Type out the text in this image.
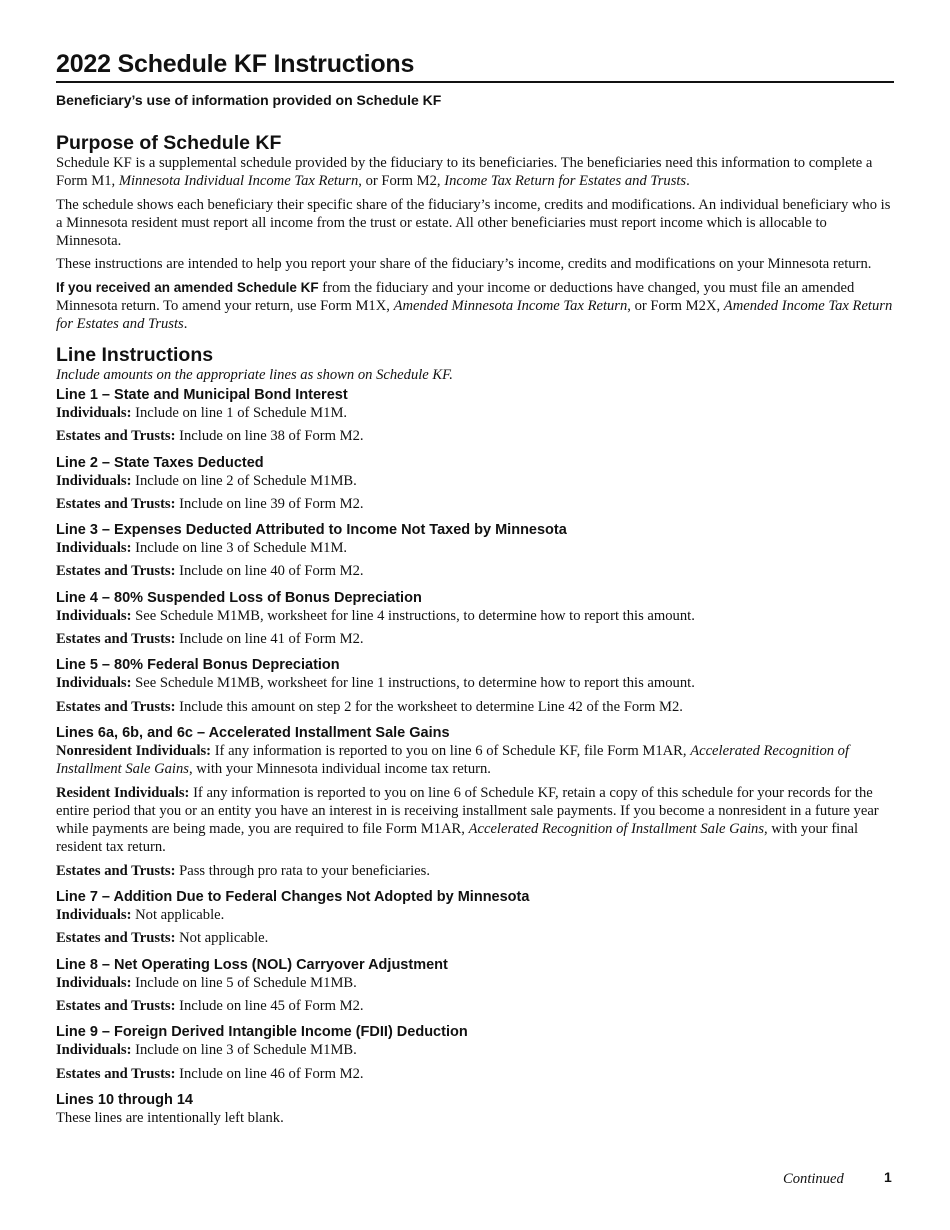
2022 Schedule KF Instructions
Beneficiary’s use of information provided on Schedule KF
Purpose of Schedule KF

Schedule KF is a supplemental schedule provided by the fiduciary to its beneficiaries. The beneficiaries need this information to complete a Form M1, Minnesota Individual Income Tax Return, or Form M2, Income Tax Return for Estates and Trusts.

The schedule shows each beneficiary their specific share of the fiduciary’s income, credits and modifications. An individual beneficiary who is a Minnesota resident must report all income from the trust or estate. All other beneficiaries must report income which is allocable to Minnesota.

These instructions are intended to help you report your share of the fiduciary’s income, credits and modifications on your Minnesota return.

If you received an amended Schedule KF from the fiduciary and your income or deductions have changed, you must file an amended Minnesota return. To amend your return, use Form M1X, Amended Minnesota Income Tax Return, or Form M2X, Amended Income Tax Return for Estates and Trusts.

Line Instructions

Include amounts on the appropriate lines as shown on Schedule KF.

Line 1 – State and Municipal Bond Interest

Individuals: Include on line 1 of Schedule M1M.

Estates and Trusts: Include on line 38 of Form M2.

Line 2 – State Taxes Deducted

Individuals: Include on line 2 of Schedule M1MB.

Estates and Trusts: Include on line 39 of Form M2.

Line 3 – Expenses Deducted Attributed to Income Not Taxed by Minnesota

Individuals: Include on line 3 of Schedule M1M.

Estates and Trusts: Include on line 40 of Form M2.

Line 4 – 80% Suspended Loss of Bonus Depreciation

Individuals: See Schedule M1MB, worksheet for line 4 instructions, to determine how to report this amount.

Estates and Trusts: Include on line 41 of Form M2.

Line 5 – 80% Federal Bonus Depreciation

Individuals: See Schedule M1MB, worksheet for line 1 instructions, to determine how to report this amount.

Estates and Trusts: Include this amount on step 2 for the worksheet to determine Line 42 of the Form M2.

Lines 6a, 6b, and 6c – Accelerated Installment Sale Gains

Nonresident Individuals: If any information is reported to you on line 6 of Schedule KF, file Form M1AR, Accelerated Recognition of Installment Sale Gains, with your Minnesota individual income tax return.

Resident Individuals: If any information is reported to you on line 6 of Schedule KF, retain a copy of this schedule for your records for the entire period that you or an entity you have an interest in is receiving installment sale payments. If you become a nonresident in a future year while payments are being made, you are required to file Form M1AR, Accelerated Recognition of Installment Sale Gains, with your final resident tax return.

Estates and Trusts: Pass through pro rata to your beneficiaries.

Line 7 – Addition Due to Federal Changes Not Adopted by Minnesota

Individuals: Not applicable.

Estates and Trusts: Not applicable.

Line 8 – Net Operating Loss (NOL) Carryover Adjustment

Individuals: Include on line 5 of Schedule M1MB.

Estates and Trusts: Include on line 45 of Form M2.

Line 9 – Foreign Derived Intangible Income (FDII) Deduction

Individuals: Include on line 3 of Schedule M1MB.

Estates and Trusts: Include on line 46 of Form M2.

Lines 10 through 14

These lines are intentionally left blank.

Continued	1
